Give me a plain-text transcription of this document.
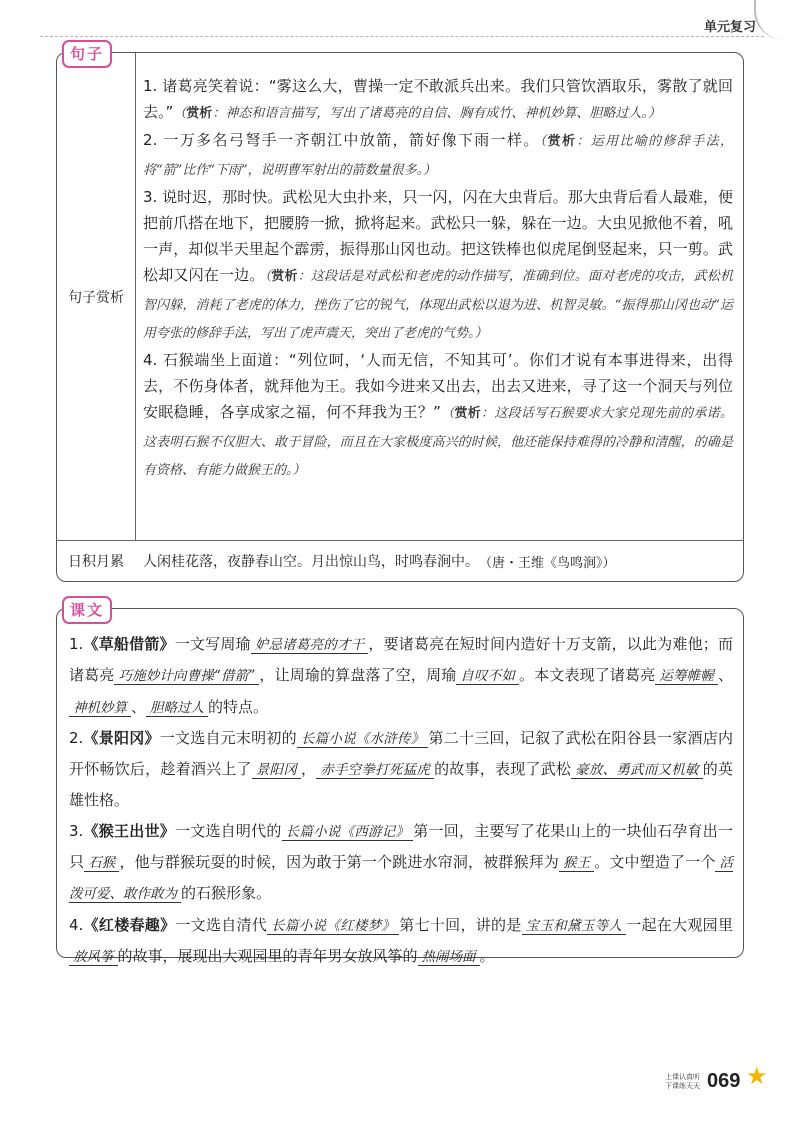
单元复习
句子
句子赏析

1. 诸葛亮笑着说：“雾这么大，曹操一定不敢派兵出来。我们只管饮酒取乐，雾散了就回去。”（赏析：神态和语言描写，写出了诸葛亮的自信、胸有成竹、神机妙算、胆略过人。）

2. 一万多名弓弩手一齐朝江中放箭，箭好像下雨一样。（赏析：运用比喻的修辞手法，将“箭”比作“下雨”，说明曹军射出的箭数量很多。）

3. 说时迟，那时快。武松见大虫扑来，只一闪，闪在大虫背后。那大虫背后看人最难，便把前爪搭在地下，把腰胯一掀，掀将起来。武松只一躲，躲在一边。大虫见掀他不着，吼一声，却似半天里起个霹雳，振得那山冈也动。把这铁棒也似虎尾倒竖起来，只一剪。武松却又闪在一边。（赏析：这段话是对武松和老虎的动作描写，准确到位。面对老虎的攻击，武松机智闪躲，消耗了老虎的体力，挫伤了它的锐气，体现出武松以退为进、机智灵敏。“振得那山冈也动”运用夸张的修辞手法，写出了虎声震天，突出了老虎的气势。）

4. 石猴端坐上面道：“列位呵，‘人而无信，不知其可’。你们才说有本事进得来，出得去，不伤身体者，就拜他为王。我如今进来又出去，出去又进来，寻了这一个洞天与列位安眠稳睡，各享成家之福，何不拜我为王？”（赏析：这段话写石猴要求大家兑现先前的承诺。这表明石猴不仅胆大、敢于冒险，而且在大家极度高兴的时候，他还能保持难得的冷静和清醒，的确是有资格、有能力做猴王的。）

日积月累	人闲桂花落，夜静春山空。月出惊山鸟，时鸣春涧中。 （唐・王维《鸟鸣涧》）
课文

1.《草船借箭》一文写周瑜 妒忌诸葛亮的才干 ，要诸葛亮在短时间内造好十万支箭，以此为难他；而诸葛亮 巧施妙计向曹操“借箭” ，让周瑜的算盘落了空，周瑜 自叹不如 。本文表现了诸葛亮 运筹帷幄 、神机妙算 、 胆略过人 的特点。

2.《景阳冈》一文选自元末明初的 长篇小说《水浒传》 第二十三回，记叙了武松在阳谷县一家酒店内开怀畅饮后，趁着酒兴上了 景阳冈 ， 赤手空拳打死猛虎 的故事，表现了武松 豪放、勇武而又机敏 的英雄性格。

3.《猴王出世》一文选自明代的 长篇小说《西游记》 第一回，主要写了花果山上的一块仙石孕育出一只 石猴 ，他与群猴玩耍的时候，因为敢于第一个跳进水帘洞，被群猴拜为 猴王 。文中塑造了一个 活泼可爱、敢作敢为 的石猴形象。

4.《红楼春趣》一文选自清代 长篇小说《红楼梦》 第七十回，讲的是 宝玉和黛玉等人 一起在大观园里放风筝 的故事，展现出大观园里的青年男女放风筝的 热闹场面 。

上课认真听
下课练天天 069 ★
